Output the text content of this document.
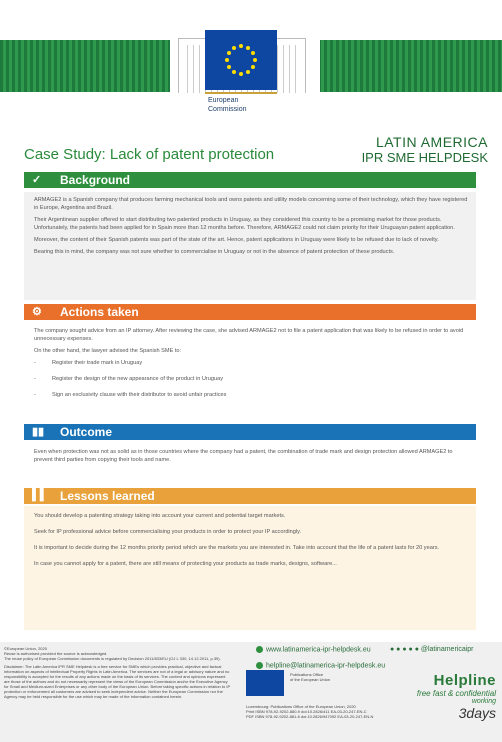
European
Commission
Case Study: Lack of patent protection
LATIN AMERICA
IPR SME HELPDESK
✓ Background

ARMAGE2 is a Spanish company that produces farming mechanical tools and owns patents and utility models concerning some of their technology, which they have registered in Europe, Argentina and Brazil.

Their Argentinean supplier offered to start distributing two patented products in Uruguay, as they considered this country to be a promising market for those products. Unfortunately, the patents had been applied for in Spain more than 12 months before. Therefore, ARMAGE2 could not claim priority for their Uruguayan patent application.

Moreover, the content of their Spanish patents was part of the state of the art. Hence, patent applications in Uruguay were likely to be refused due to lack of novelty.

Bearing this in mind, the company was not sure whether to commercialise in Uruguay or not in the absence of patent protection of these products.

⚙ Actions taken

The company sought advice from an IP attorney. After reviewing the case, she advised ARMAGE2 not to file a patent application that was likely to be refused in order to avoid unnecessary expenses.

On the other hand, the lawyer advised the Spanish SME to:

- Register their trade mark in Uruguay
- Register the design of the new appearance of the product in Uruguay
- Sign an exclusivity clause with their distributor to avoid unfair practices
▮▮ Outcome

Even when protection was not as solid as in those countries where the company had a patent, the combination of trade mark and design protection allowed ARMAGE2 to prevent third parties from copying their tools and name.

▌▌ Lessons learned

You should develop a patenting strategy taking into account your current and potential target markets.

Seek for IP professional advice before commercialising your products in order to protect your IP accordingly.

It is important to decide during the 12 months priority period which are the markets you are interested in. Take into account that the life of a patent lasts for 20 years.

In case you cannot apply for a patent, there are still means of protecting your products as trade marks, designs, software...

©European Union, 2020
Reuse is authorised provided the source is acknowledged.
The reuse policy of European Commission documents is regulated by Decision 2011/833/EU (OJ L 330, 14.12.2011, p.39).
Disclaimer: The Latin America IPR SME Helpdesk is a free service for SMEs which provides practical, objective and factual information on aspects of Intellectual Property Rights in Latin America. The services are not of a legal or advisory nature and no responsibility is accepted for the results of any actions made on the basis of its services. The content and opinions expressed are those of the authors and do not necessarily represent the views of the European Commission and/or the Executive Agency for Small and Medium-sized Enterprises or any other body of the European Union. Before taking specific actions in relation to IP protection or enforcement all customers are advised to seek independent advice. Neither the European Commission nor the Agency may be held responsible for the use which may be made of the information contained herein.
www.latinamerica-ipr-helpdesk.eu	● ● ● ● ● @latinamericaipr
helpline@latinamerica-ipr-helpdesk.eu
Publications Office
of the European Union
Luxembourg: Publications Office of the European Union, 2020
Print ISBN 978-92-9202-880-9 doi:10.2826/411 EA-03-20-247-EN-C
PDF ISBN 978-92-9202-881-6 doi:10.2826/947092 EA-03-20-247-EN-N
Helpline
free fast & confidential
working
3days
